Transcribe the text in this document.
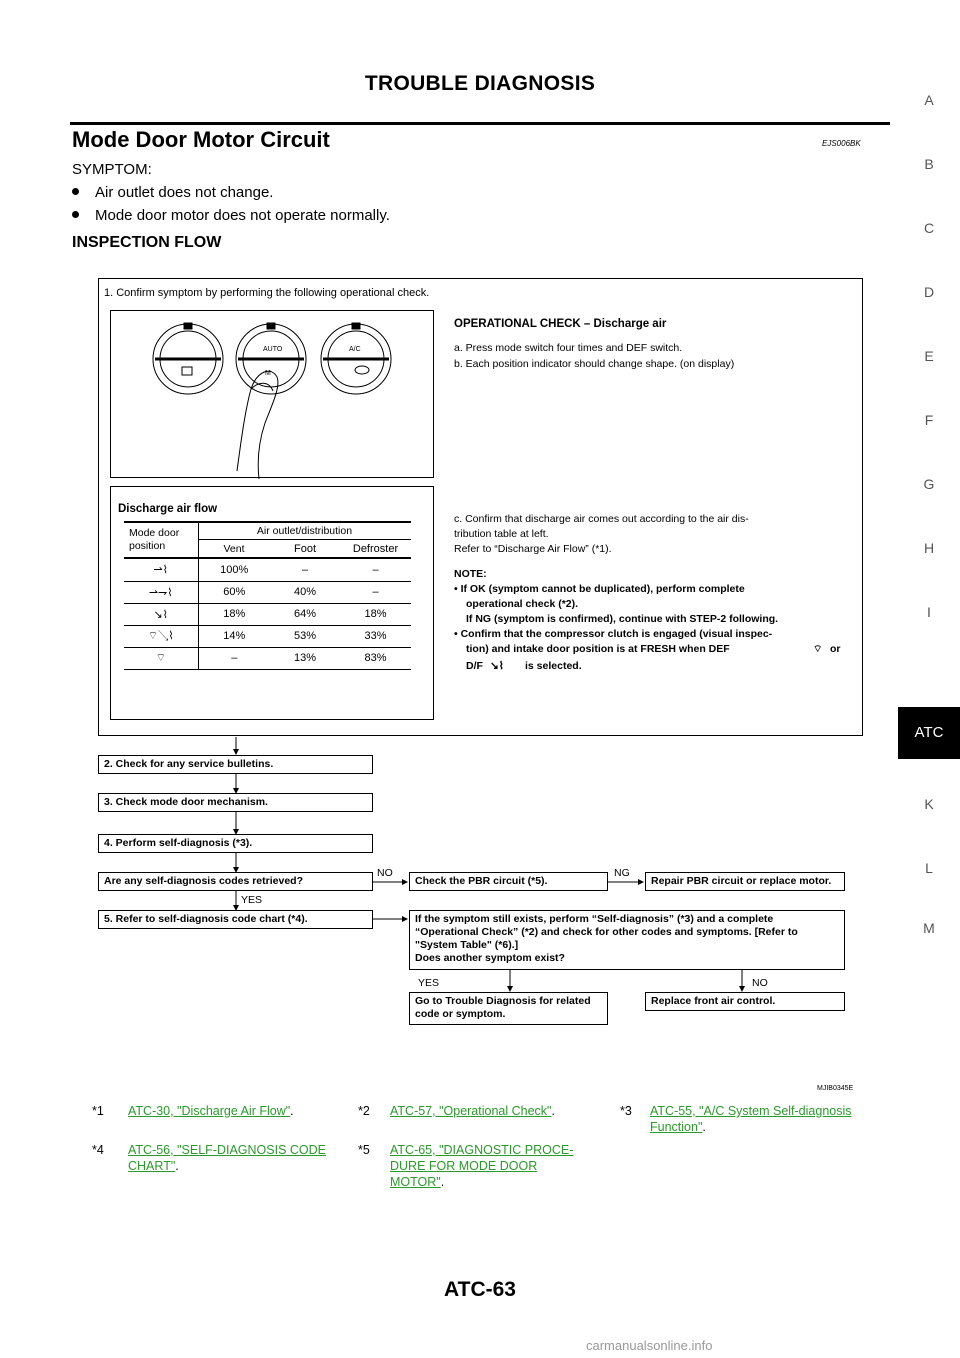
TROUBLE DIAGNOSIS
Mode Door Motor Circuit	EJS006BK
SYMPTOM:
Air outlet does not change.
Mode door motor does not operate normally.
INSPECTION FLOW
A
B
C
D
E
F
G
H
I
ATC
K
L
M
1. Confirm symptom by performing the following operational check.
AUTO	A/C
M
OPERATIONAL CHECK – Discharge air
a. Press mode switch four times and DEF switch.
b. Each position indicator should change shape. (on display)
Discharge air flow
Mode door position
Air outlet/distribution
Vent	Foot	Defroster
⇀⌇	100%	–	–
⇀⇁⌇	60%	40%	–
↘⌇	18%	64%	18%
⌔↘⌇	14%	53%	33%
⌔	–	13%	83%
c. Confirm that discharge air comes out according to the air dis-
tribution table at left.
Refer to “Discharge Air Flow” (*1).
NOTE:
• If OK (symptom cannot be duplicated), perform complete
operational check (*2).
If NG (symptom is confirmed), continue with STEP-2 following.
• Confirm that the compressor clutch is engaged (visual inspec-
tion) and intake door position is at FRESH when DEF	⌔ or
D/F ↘⌇ is selected.
2. Check for any service bulletins.
3. Check mode door mechanism.
4. Perform self-diagnosis (*3).
Are any self-diagnosis codes retrieved?
NO
YES
Check the PBR circuit (*5).
NG
Repair PBR circuit or replace motor.
5. Refer to self-diagnosis code chart (*4).	If the symptom still exists, perform “Self-diagnosis” (*3) and a complete
“Operational Check” (*2) and check for other codes and symptoms. [Refer to
"System Table" (*6).]
Does another symptom exist?
YES	NO
Go to Trouble Diagnosis for related
code or symptom.
Replace front air control.
MJIB0345E
*1 ATC-30, "Discharge Air Flow".	*2 ATC-57, "Operational Check".	*3 ATC-55, "A/C System Self-diagnosis
Function".
*4 ATC-56, "SELF-DIAGNOSIS CODE
CHART".
*5 ATC-65, "DIAGNOSTIC PROCE-
DURE FOR MODE DOOR
MOTOR".
ATC-63
carmanualsonline.info
